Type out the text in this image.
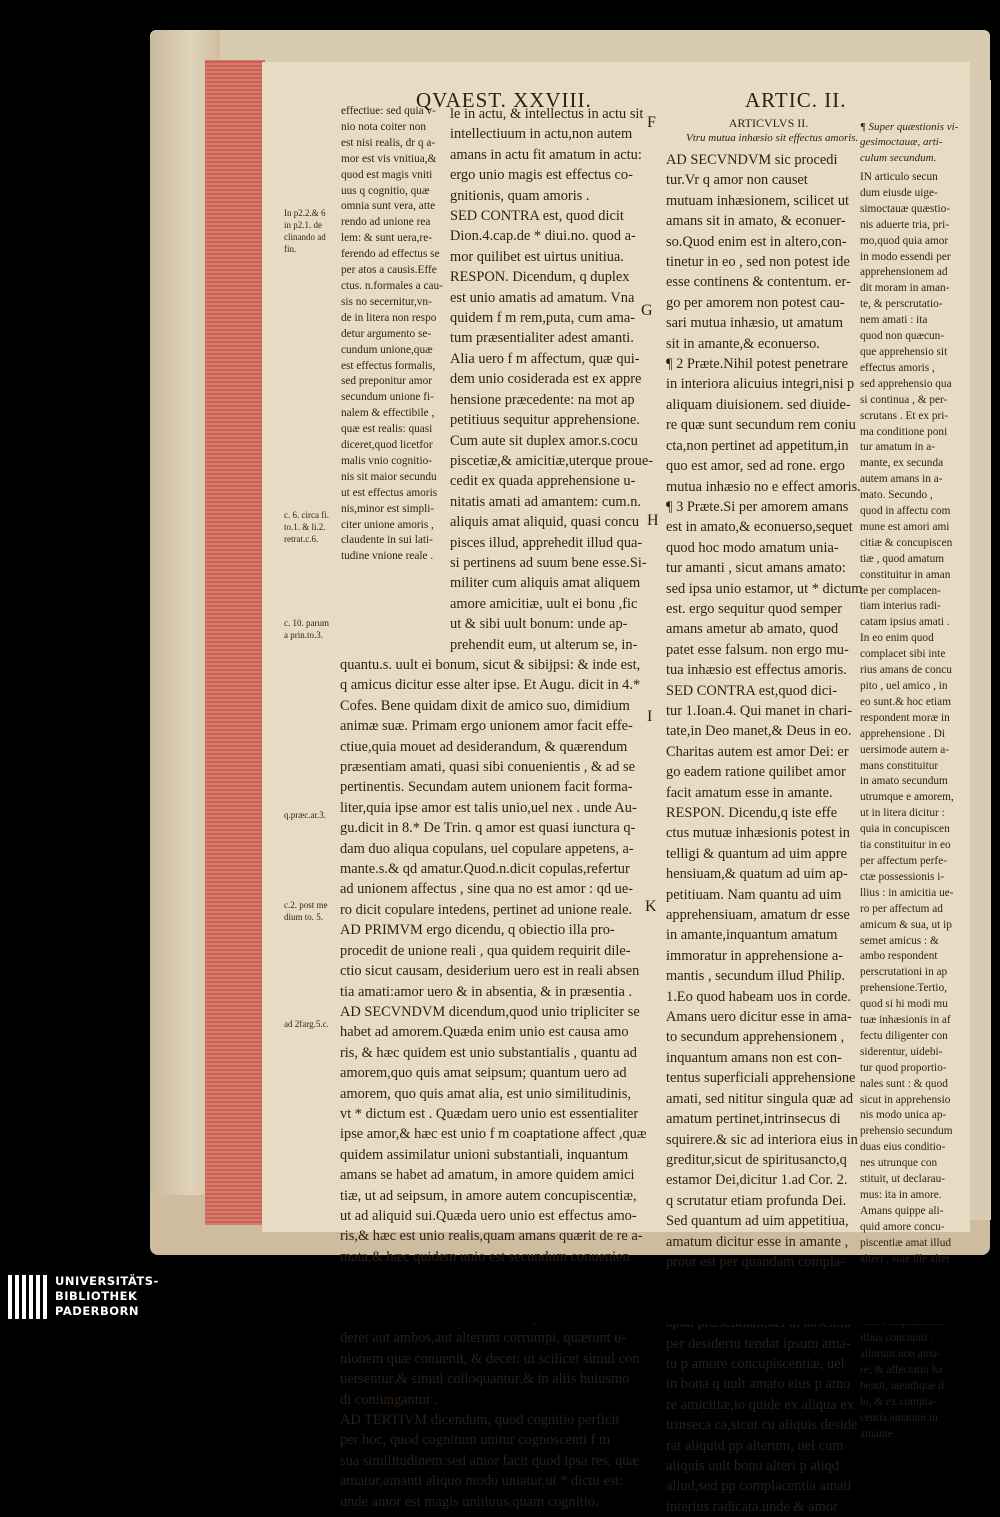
QVAEST. XXVIII.	ARTIC. II.
F
G
H
I
K
In p2.2.& 6
in p2.1. de
clinando ad
fin.
c. 6. circa fi.
to.1. & li.2.
retrat.c.6.
c. 10. parum
a prin.to.3.
q.præc.ar.3.
c.2. post me
dium to. 5.
ad 2farg.5.c.
effectiue: sed quia v-
nio nota coiter non
est nisi realis, dr q a-
mor est vis vnitiua,&
quod est magis vniti
uus q cognitio, quæ
omnia sunt vera, atte
rendo ad unione rea
lem: & sunt uera,re-
ferendo ad effectus se
per atos a causis.Effe
ctus. n.formales a cau-
sis no secernitur,vn-
de in litera non respo
detur argumento se-
cundum unione,quæ
est effectus formalis,
sed preponitur amor
secundum unione fi-
nalem & effectibile ,
quæ est realis: quasi
diceret,quod licetfor
malis vnio cognitio-
nis sit maior secundu
ut est effectus amoris
nis,minor est simpli-
citer unione amoris ,
claudente in sui lati-
tudine vnione reale .
le in actu, & intellectus in actu sit
intellectiuum in actu,non autem
amans in actu fit amatum in actu:
ergo unio magis est effectus co-
gnitionis, quam amoris .
SED CONTRA est, quod dicit
Dion.4.cap.de * diui.no. quod a-
mor quilibet est uirtus unitiua.
RESPON. Dicendum, q duplex
est unio amatis ad amatum. Vna
quidem f m rem,puta, cum ama-
tum præsentialiter adest amanti.
Alia uero f m affectum, quæ qui-
dem unio cosiderada est ex appre
hensione præcedente: na mot ap
petitiuus sequitur apprehensione.
Cum aute sit duplex amor.s.cocu
piscetiæ,& amicitiæ,uterque proue-
cedit ex quada apprehensione u-
nitatis amati ad amantem: cum.n.
aliquis amat aliquid, quasi concu
pisces illud, apprehedit illud qua-
si pertinens ad suum bene esse.Si-
militer cum aliquis amat aliquem
amore amicitiæ, uult ei bonu ,fic
ut & sibi uult bonum: unde ap-
prehendit eum, ut alterum se, in-
quantu.s. uult ei bonum, sicut & sibijpsi: & inde est,
q amicus dicitur esse alter ipse. Et Augu. dicit in 4.*
Cofes. Bene quidam dixit de amico suo, dimidium
animæ suæ. Primam ergo unionem amor facit effe-
ctiue,quia mouet ad desiderandum, & quærendum
præsentiam amati, quasi sibi conuenientis , & ad se
pertinentis. Secundam autem unionem facit forma-
liter,quia ipse amor est talis unio,uel nex . unde Au-
gu.dicit in 8.* De Trin. q amor est quasi iunctura q-
dam duo aliqua copulans, uel copulare appetens, a-
mante.s.& qd amatur.Quod.n.dicit copulas,refertur
ad unionem affectus , sine qua no est amor : qd ue-
ro dicit copulare intedens, pertinet ad unione reale.
AD PRIMVM ergo dicendu, q obiectio illa pro-
procedit de unione reali , qua quidem requirit dile-
ctio sicut causam, desiderium uero est in reali absen
tia amati:amor uero & in absentia, & in præsentia .
AD SECVNDVM dicendum,quod unio tripliciter se
habet ad amorem.Quæda enim unio est causa amo
ris, & hæc quidem est unio substantialis , quantu ad
amorem,quo quis amat seipsum; quantum uero ad
amorem, quo quis amat alia, est unio similitudinis,
vt * dictum est . Quædam uero unio est essentialiter
ipse amor,& hæc est unio f m coaptatione affect ,quæ
quidem assimilatur unioni substantiali, inquantum
amans se habet ad amatum, in amore quidem amici
tiæ, ut ad seipsum, in amore autem concupiscentiæ,
ut ad aliquid sui.Quæda uero unio est effectus amo-
ris,& hæc est unio realis,quam amans quærit de re a-
mata,& hæc quidem unio est secundum conuenien
deret aut ambos,aut alterum corrumpi, quærunt u-
nionem quæ conuenit, & decet: ut scilicet simul con
uersentur,& simul colloquantur,& in aliis huiusmo
di coniungantur .
AD TERTIVM dicendum, quod cognitio perficit
per hoc, quod cognitum unitur cognoscenti f m
sua similitudinem:sed amor facit quod ipsa res, quæ
amatur,amanti aliquo modo uniatur,ut * dictu est:
unde amor est magis unitiuus,quam cognitio.
ARTICVLVS II.
Vtru mutua inhæsio sit effectus amoris.
AD SECVNDVM sic procedi
tur.Vr q amor non causet
mutuam inhæsionem, scilicet ut
amans sit in amato, & econuer-
so.Quod enim est in altero,con-
tinetur in eo , sed non potest ide
esse continens & contentum. er-
go per amorem non potest cau-
sari mutua inhæsio, ut amatum
sit in amante,& econuerso.
¶ 2 Præte.Nihil potest penetrare
in interiora alicuius integri,nisi p
aliquam diuisionem. sed diuide-
re quæ sunt secundum rem coniu
cta,non pertinet ad appetitum,in
quo est amor, sed ad rone. ergo
mutua inhæsio no e effect amoris.
¶ 3 Præte.Si per amorem amans
est in amato,& econuerso,sequet
quod hoc modo amatum unia-
tur amanti , sicut amans amato:
sed ipsa unio estamor, ut * dictum
est. ergo sequitur quod semper
amans ametur ab amato, quod
patet esse falsum. non ergo mu-
tua inhæsio est effectus amoris.
SED CONTRA est,quod dici-
tur 1.Ioan.4. Qui manet in chari-
tate,in Deo manet,& Deus in eo.
Charitas autem est amor Dei: er
go eadem ratione quilibet amor
facit amatum esse in amante.
RESPON. Dicendu,q iste effe
ctus mutuæ inhæsionis potest in
telligi & quantum ad uim appre
hensiuam,& quatum ad uim ap-
petitiuam. Nam quantu ad uim
apprehensiuam, amatum dr esse
in amante,inquantum amatum
immoratur in apprehensione a-
mantis , secundum illud Philip.
1.Eo quod habeam uos in corde.
Amans uero dicitur esse in ama-
to secundum apprehensionem ,
inquantum amans non est con-
tentus superficiali apprehensione
amati, sed nititur singula quæ ad
amatum pertinet,intrinsecus di
squirere.& sic ad interiora eius in
greditur,sicut de spiritusancto,q
estamor Dei,dicitur 1.ad Cor. 2.
q scrutatur etiam profunda Dei.
Sed quantum ad uim appetitiua,
amatum dicitur esse in amante ,
prout est per quandam compla-
per desideriu tendat ipsum ama-
tu p amore concupiscentiæ, uel
in bona q uult amato eius p amo
re amicitiæ,io quide ex aliqua ex
trinseca ca,sicut cu aliquis deside
rat aliquid pp alterum, uel cum
aliquis uult bonu alteri p aliqd
aliud,sed pp complacentia amati
interius radicata.unde & amor
¶ Super quæstionis vi-
gesimoctauæ, arti-
culum secundum.
IN articulo secun
dum eiusde uige-
simoctauæ quæstio-
nis aduerte tria, pri-
mo,quod quia amor
in modo essendi per
apprehensionem ad
dit moram in aman-
te, & perscrutatio-
nem amati : ita
quod non quæcun-
que apprehensio sit
effectus amoris ,
sed apprehensio qua
si continua , & per-
scrutans . Et ex pri-
ma conditione poni
tur amatum in a-
mante, ex secunda
autem amans in a-
mato. Secundo ,
quod in affectu com
mune est amori ami
citiæ & concupiscen
tiæ , quod amatum
constituitur in aman
te per complacen-
tiam interius radi-
catam ipsius amati .
In eo enim quod
complacet sibi inte
rius amans de concu
pito , uel amico , in
eo sunt.& hoc etiam
respondent moræ in
apprehensione . Di
uersimode autem a-
mans constituitur
in amato secundum
utrumque e amorem,
ut in litera dicitur :
quia in concupiscen
tia constituitur in eo
per affectum perfe-
ctæ possessionis i-
llius : in amicitia ue-
ro per affectum ad
amicum & sua, ut ip
semet amicus : &
ambo respondent
perscrutationi in ap
prehensione.Tertio,
quod si hi modi mu
tuæ inhæsionis in af
fectu diligenter con
siderentur, uidebi-
tur quod proportio-
nales sunt : & quod
sicut in apprehensio
nis modo unica ap-
prehensio secundum
duas eius conditio-
nes utrunque con
stituit, ut declarau-
mus: ita in amore.
Amans quippe ali-
quid amore concu-
piscentiæ amat illud
alteri , siue ille alter
illius concupiti ,
aliorum non ama-
re; & affectatio ha
bendi, utendique il
lo, & ex compla-
centia amatum in
amante.
UNIVERSITÄTS-
BIBLIOTHEK
PADERBORN
